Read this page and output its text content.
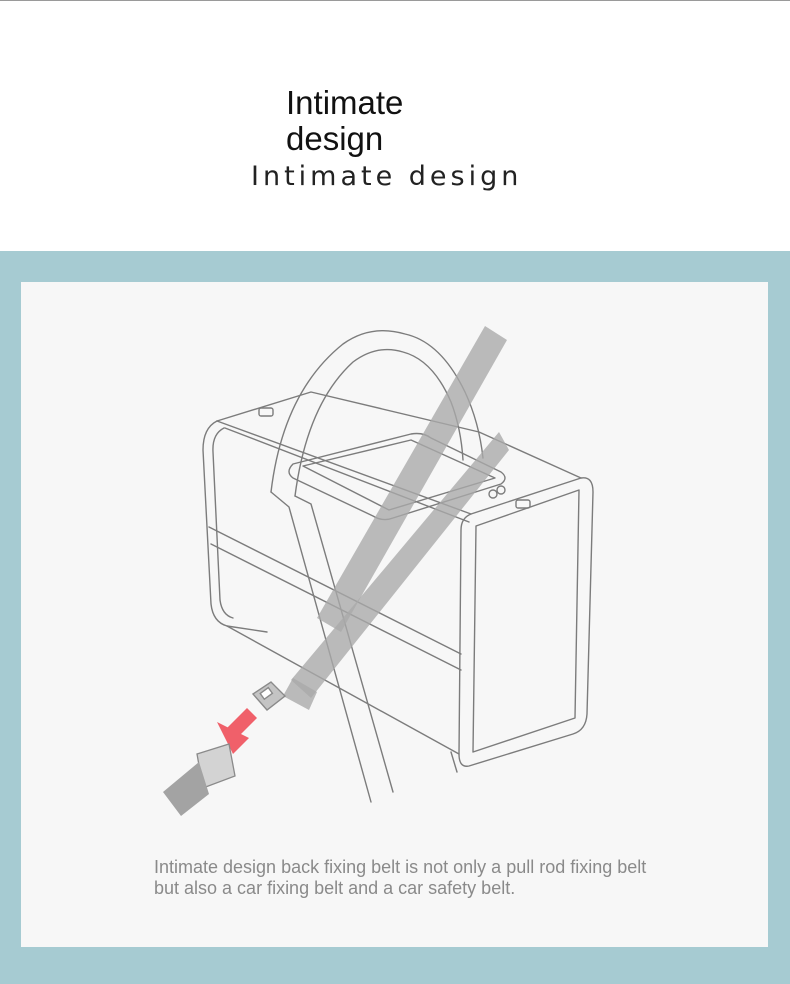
Intimate design
Intimate design
Intimate design back fixing belt is not only a pull rod fixing belt but also a car fixing belt and a car safety belt.
